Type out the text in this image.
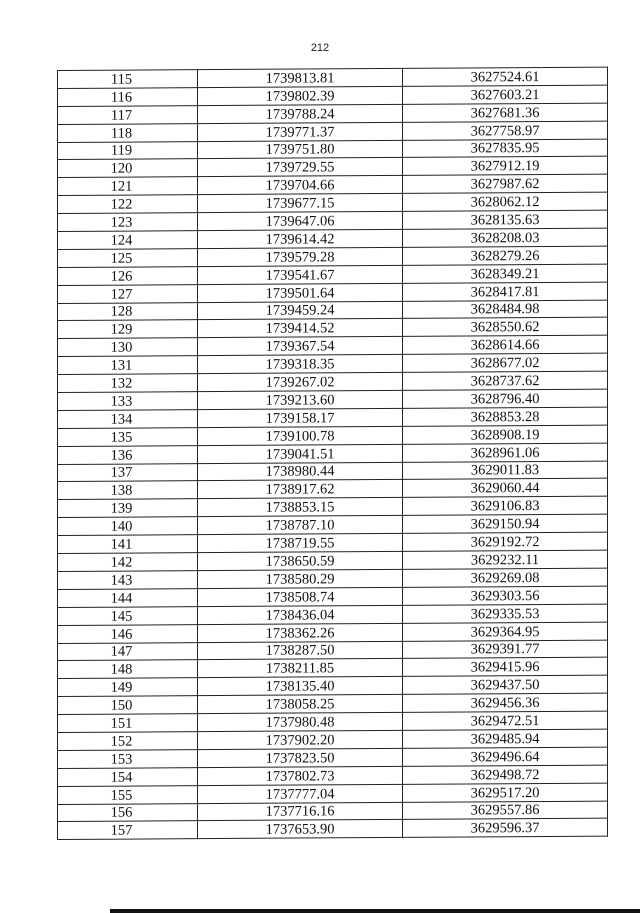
212
115	1739813.81	3627524.61
116	1739802.39	3627603.21
117	1739788.24	3627681.36
118	1739771.37	3627758.97
119	1739751.80	3627835.95
120	1739729.55	3627912.19
121	1739704.66	3627987.62
122	1739677.15	3628062.12
123	1739647.06	3628135.63
124	1739614.42	3628208.03
125	1739579.28	3628279.26
126	1739541.67	3628349.21
127	1739501.64	3628417.81
128	1739459.24	3628484.98
129	1739414.52	3628550.62
130	1739367.54	3628614.66
131	1739318.35	3628677.02
132	1739267.02	3628737.62
133	1739213.60	3628796.40
134	1739158.17	3628853.28
135	1739100.78	3628908.19
136	1739041.51	3628961.06
137	1738980.44	3629011.83
138	1738917.62	3629060.44
139	1738853.15	3629106.83
140	1738787.10	3629150.94
141	1738719.55	3629192.72
142	1738650.59	3629232.11
143	1738580.29	3629269.08
144	1738508.74	3629303.56
145	1738436.04	3629335.53
146	1738362.26	3629364.95
147	1738287.50	3629391.77
148	1738211.85	3629415.96
149	1738135.40	3629437.50
150	1738058.25	3629456.36
151	1737980.48	3629472.51
152	1737902.20	3629485.94
153	1737823.50	3629496.64
154	1737802.73	3629498.72
155	1737777.04	3629517.20
156	1737716.16	3629557.86
157	1737653.90	3629596.37
